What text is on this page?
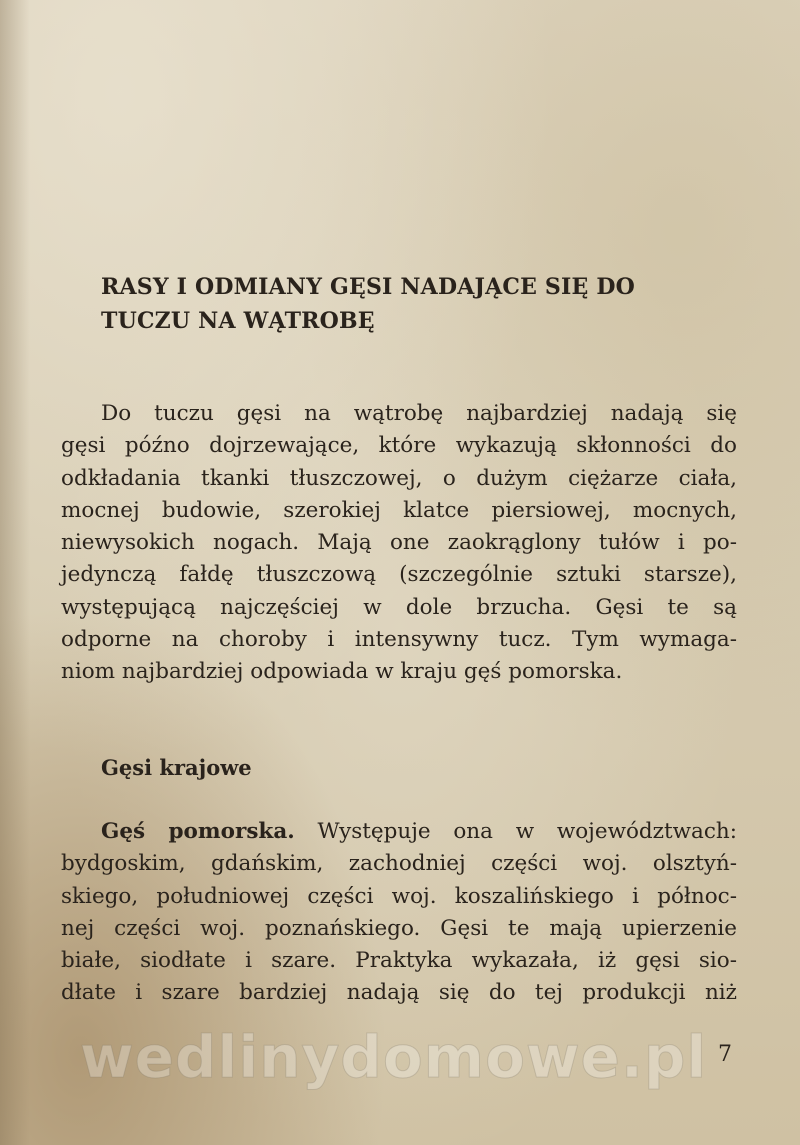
RASY I ODMIANY GĘSI NADAJĄCE SIĘ DO
TUCZU NA WĄTROBĘ
Do tuczu gęsi na wątrobę najbardziej nadają się
gęsi późno dojrzewające, które wykazują skłonności do
odkładania tkanki tłuszczowej, o dużym ciężarze ciała,
mocnej budowie, szerokiej klatce piersiowej, mocnych,
niewysokich nogach. Mają one zaokrąglony tułów i po-
jedynczą fałdę tłuszczową (szczególnie sztuki starsze),
występującą najczęściej w dole brzucha. Gęsi te są
odporne na choroby i intensywny tucz. Tym wymaga-
niom najbardziej odpowiada w kraju gęś pomorska.
Gęsi krajowe
Gęś pomorska. Występuje ona w województwach:
bydgoskim, gdańskim, zachodniej części woj. olsztyń-
skiego, południowej części woj. koszalińskiego i północ-
nej części woj. poznańskiego. Gęsi te mają upierzenie
białe, siodłate i szare. Praktyka wykazała, iż gęsi sio-
dłate i szare bardziej nadają się do tej produkcji niż
wedlinydomowe.pl 7
